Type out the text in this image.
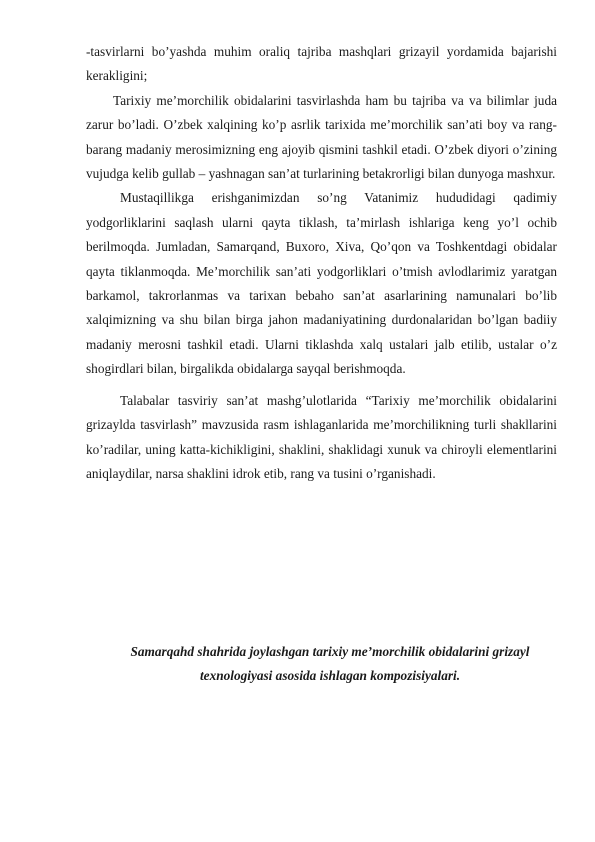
-tasvirlarni bo’yashda muhim oraliq tajriba mashqlari grizayil yordamida bajarishi kerakligini;

Tarixiy me’morchilik obidalarini tasvirlashda ham bu tajriba va va bilimlar juda zarur bo’ladi. O’zbek xalqining ko’p asrlik tarixida me’morchilik san’ati boy va rang- barang madaniy merosimizning eng ajoyib qismini tashkil etadi. O’zbek diyori o’zining vujudga kelib gullab – yashnagan san’at turlarining betakrorligi bilan dunyoga mashxur.

Mustaqillikga erishganimizdan so’ng Vatanimiz hududidagi qadimiy yodgorliklarini saqlash ularni qayta tiklash, ta’mirlash ishlariga keng yo’l ochib berilmoqda. Jumladan, Samarqand, Buxoro, Xiva, Qo’qon va Toshkentdagi obidalar qayta tiklanmoqda. Me’morchilik san’ati yodgorliklari o’tmish avlodlarimiz yaratgan barkamol, takrorlanmas va tarixan bebaho san’at asarlarining namunalari bo’lib xalqimizning va shu bilan birga jahon madaniyatining durdonalaridan bo’lgan badiiy madaniy merosni tashkil etadi. Ularni tiklashda xalq ustalari jalb etilib, ustalar o’z shogirdlari bilan, birgalikda obidalarga sayqal berishmoqda.

Talabalar tasviriy san’at mashg’ulotlarida “Tarixiy me’morchilik obidalarini grizaylda tasvirlash” mavzusida rasm ishlaganlarida me’morchilikning turli shakllarini ko’radilar, uning katta-kichikligini, shaklini, shaklidagi xunuk va chiroyli elementlarini aniqlaydilar, narsa shaklini idrok etib, rang va tusini o’rganishadi.

Samarqahd shahrida joylashgan tarixiy me’morchilik obidalarini grizayl texnologiyasi asosida ishlagan kompozisiyalari.
